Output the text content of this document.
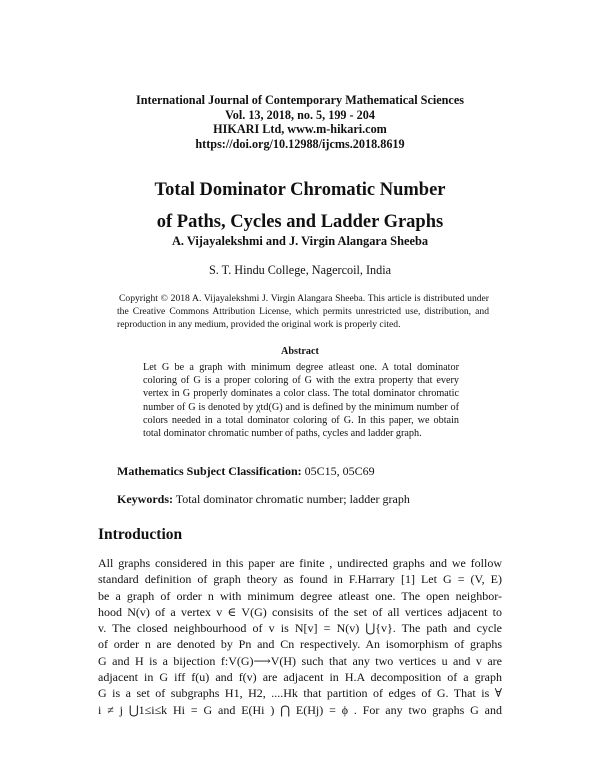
International Journal of Contemporary Mathematical Sciences
Vol. 13, 2018, no. 5, 199 - 204
HIKARI Ltd, www.m-hikari.com
https://doi.org/10.12988/ijcms.2018.8619
Total Dominator Chromatic Number
of Paths, Cycles and Ladder Graphs
A. Vijayalekshmi and J. Virgin Alangara Sheeba
S. T. Hindu College, Nagercoil, India
Copyright © 2018 A. Vijayalekshmi J. Virgin Alangara Sheeba. This article is distributed under the Creative Commons Attribution License, which permits unrestricted use, distribution, and reproduction in any medium, provided the original work is properly cited.
Abstract
Let G be a graph with minimum degree atleast one. A total dominator coloring of G is a proper coloring of G with the extra property that every vertex in G properly dominates a color class. The total dominator chromatic number of G is denoted by χtd(G) and is defined by the minimum number of colors needed in a total dominator coloring of G. In this paper, we obtain total dominator chromatic number of paths, cycles and ladder graph.
Mathematics Subject Classification: 05C15, 05C69
Keywords: Total dominator chromatic number; ladder graph
Introduction
All graphs considered in this paper are finite , undirected graphs and we follow
standard definition of graph theory as found in F.Harrary [1] Let G = (V, E)
be a graph of order n with minimum degree atleast one. The open neighbor-
hood N(v) of a vertex v ∈ V(G) consisits of the set of all vertices adjacent to
v. The closed neighbourhood of v is N[v] = N(v) ⋃{v}. The path and cycle
of order n are denoted by Pn and Cn respectively. An isomorphism of graphs
G and H is a bijection f:V(G)⟶V(H) such that any two vertices u and v are
adjacent in G iff f(u) and f(v) are adjacent in H.A decomposition of a graph
G is a set of subgraphs H1, H2, ....Hk that partition of edges of G. That is ∀
i ≠ j ⋃1≤i≤k Hi = G and E(Hi ) ⋂ E(Hj) = ϕ . For any two graphs G and
